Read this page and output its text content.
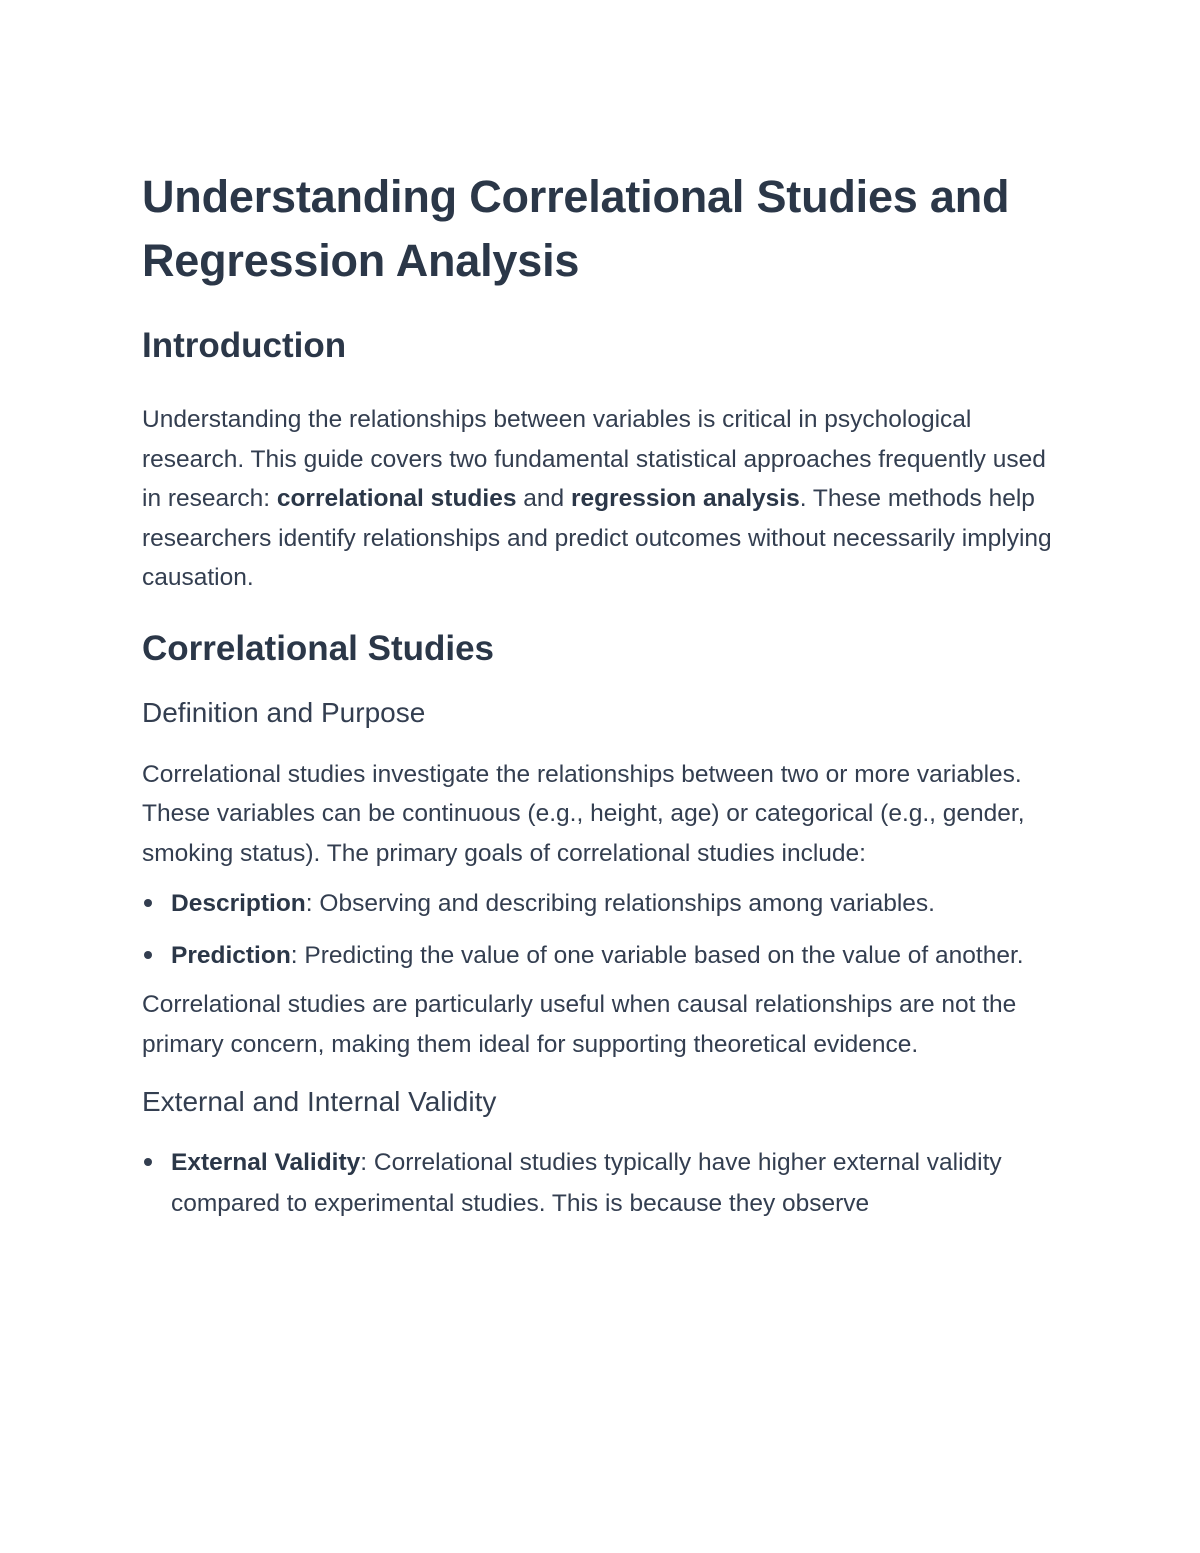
Understanding Correlational Studies and Regression Analysis
Introduction

Understanding the relationships between variables is critical in psychological research. This guide covers two fundamental statistical approaches frequently used in research: correlational studies and regression analysis. These methods help researchers identify relationships and predict outcomes without necessarily implying causation.

Correlational Studies
Definition and Purpose

Correlational studies investigate the relationships between two or more variables. These variables can be continuous (e.g., height, age) or categorical (e.g., gender, smoking status). The primary goals of correlational studies include:

Description: Observing and describing relationships among variables.
Prediction: Predicting the value of one variable based on the value of another.

Correlational studies are particularly useful when causal relationships are not the primary concern, making them ideal for supporting theoretical evidence.

External and Internal Validity
External Validity: Correlational studies typically have higher external validity compared to experimental studies. This is because they observe
